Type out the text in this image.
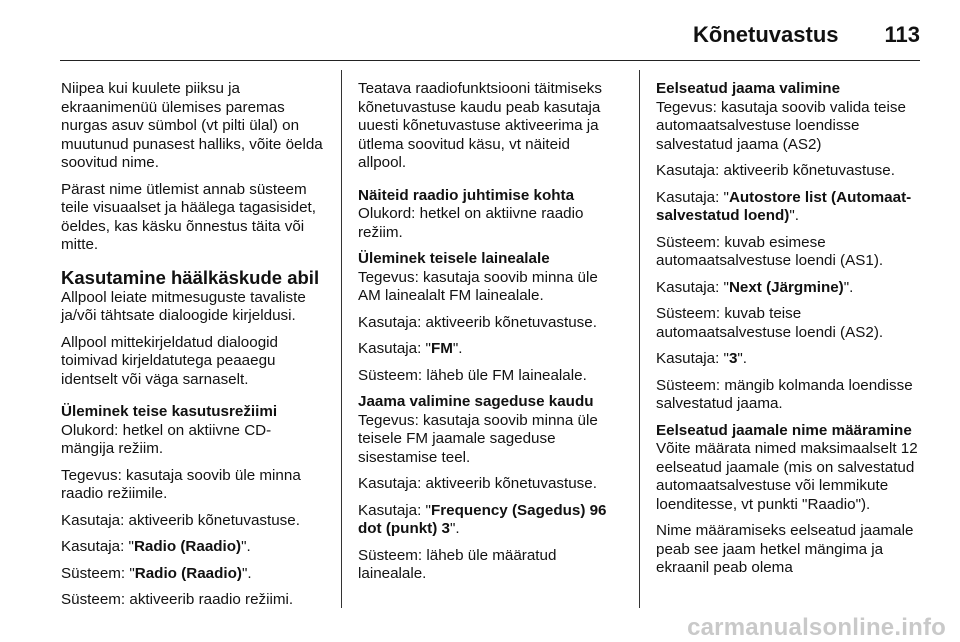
Kõnetuvastus 113

Niipea kui kuulete piiksu ja ekraanimenüü ülemises paremas nurgas asuv sümbol (vt pilti ülal) on muutunud punasest halliks, võite öelda soovitud nime.

Pärast nime ütlemist annab süsteem teile visuaalset ja häälega tagasisidet, öeldes, kas käsku õnnestus täita või mitte.

Kasutamine häälkäskude abil

Allpool leiate mitmesuguste tavaliste ja/või tähtsate dialoogide kirjeldusi.

Allpool mittekirjeldatud dialoogid toimivad kirjeldatutega peaaegu identselt või väga sarnaselt.

Üleminek teise kasutusrežiimi

Olukord: hetkel on aktiivne CD-mängija režiim.

Tegevus: kasutaja soovib üle minna raadio režiimile.

Kasutaja: aktiveerib kõnetuvastuse.

Kasutaja: "Radio (Raadio)".

Süsteem: "Radio (Raadio)".

Süsteem: aktiveerib raadio režiimi.

Teatava raadiofunktsiooni täitmiseks kõnetuvastuse kaudu peab kasutaja uuesti kõnetuvastuse aktiveerima ja ütlema soovitud käsu, vt näiteid allpool.

Näiteid raadio juhtimise kohta

Olukord: hetkel on aktiivne raadio režiim.

Üleminek teisele lainealale

Tegevus: kasutaja soovib minna üle AM lainealalt FM lainealale.

Kasutaja: aktiveerib kõnetuvastuse.

Kasutaja: "FM".

Süsteem: läheb üle FM lainealale.

Jaama valimine sageduse kaudu

Tegevus: kasutaja soovib minna üle teisele FM jaamale sageduse sisestamise teel.

Kasutaja: aktiveerib kõnetuvastuse.

Kasutaja: "Frequency (Sagedus) 96 dot (punkt) 3".

Süsteem: läheb üle määratud lainealale.

Eelseatud jaama valimine

Tegevus: kasutaja soovib valida teise automaatsalvestuse loendisse salvestatud jaama (AS2)

Kasutaja: aktiveerib kõnetuvastuse.

Kasutaja: "Autostore list (Automaat-salvestatud loend)".

Süsteem: kuvab esimese automaatsalvestuse loendi (AS1).

Kasutaja: "Next (Järgmine)".

Süsteem: kuvab teise automaatsalvestuse loendi (AS2).

Kasutaja: "3".

Süsteem: mängib kolmanda loendisse salvestatud jaama.

Eelseatud jaamale nime määramine

Võite määrata nimed maksimaalselt 12 eelseatud jaamale (mis on salvestatud automaatsalvestuse või lemmikute loenditesse, vt punkti "Raadio").

Nime määramiseks eelseatud jaamale peab see jaam hetkel mängima ja ekraanil peab olema

carmanualsonline.info
